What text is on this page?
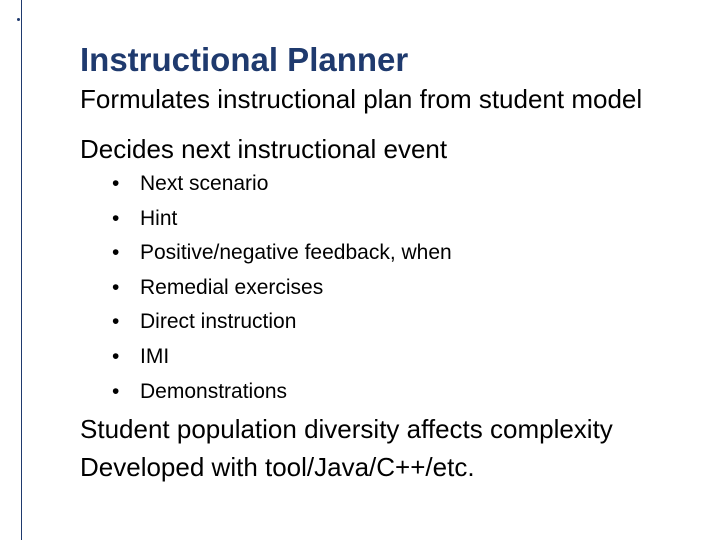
Instructional Planner

Formulates instructional plan from student model

Decides next instructional event

• Next scenario
• Hint
• Positive/negative feedback, when
• Remedial exercises
• Direct instruction
• IMI
• Demonstrations

Student population diversity affects complexity

Developed with tool/Java/C++/etc.
